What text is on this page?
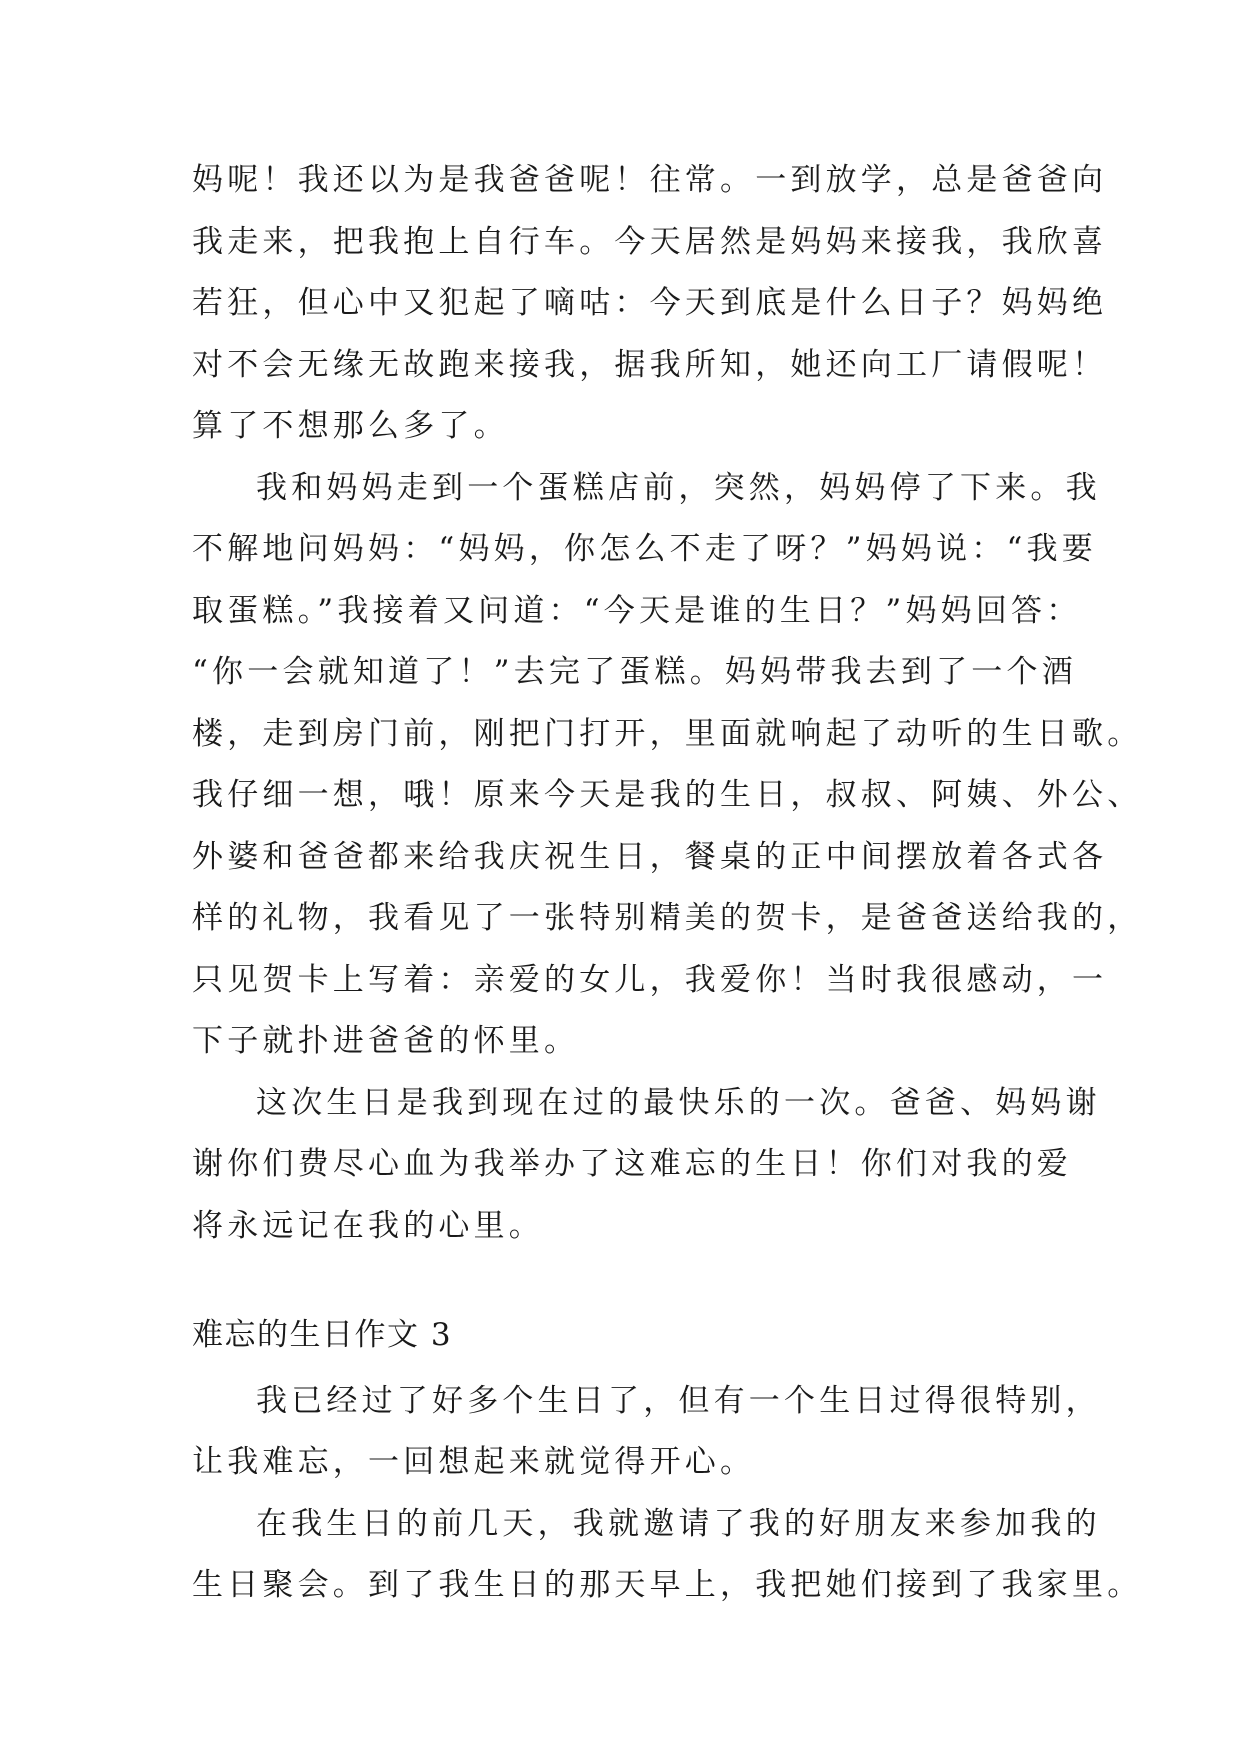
妈呢！我还以为是我爸爸呢！往常。一到放学，总是爸爸向

我走来，把我抱上自行车。今天居然是妈妈来接我，我欣喜

若狂，但心中又犯起了嘀咕：今天到底是什么日子？妈妈绝

对不会无缘无故跑来接我，据我所知，她还向工厂请假呢！

算了不想那么多了。

我和妈妈走到一个蛋糕店前，突然，妈妈停了下来。我

不解地问妈妈：“妈妈，你怎么不走了呀？”妈妈说：“我要

取蛋糕。”我接着又问道：“今天是谁的生日？”妈妈回答：

“你一会就知道了！”去完了蛋糕。妈妈带我去到了一个酒

楼，走到房门前，刚把门打开，里面就响起了动听的生日歌。

我仔细一想，哦！原来今天是我的生日，叔叔、阿姨、外公、

外婆和爸爸都来给我庆祝生日，餐桌的正中间摆放着各式各

样的礼物，我看见了一张特别精美的贺卡，是爸爸送给我的，

只见贺卡上写着：亲爱的女儿，我爱你！当时我很感动，一

下子就扑进爸爸的怀里。

这次生日是我到现在过的最快乐的一次。爸爸、妈妈谢

谢你们费尽心血为我举办了这难忘的生日！你们对我的爱

将永远记在我的心里。

难忘的生日作文 3

我已经过了好多个生日了，但有一个生日过得很特别，

让我难忘，一回想起来就觉得开心。

在我生日的前几天，我就邀请了我的好朋友来参加我的

生日聚会。到了我生日的那天早上，我把她们接到了我家里。
